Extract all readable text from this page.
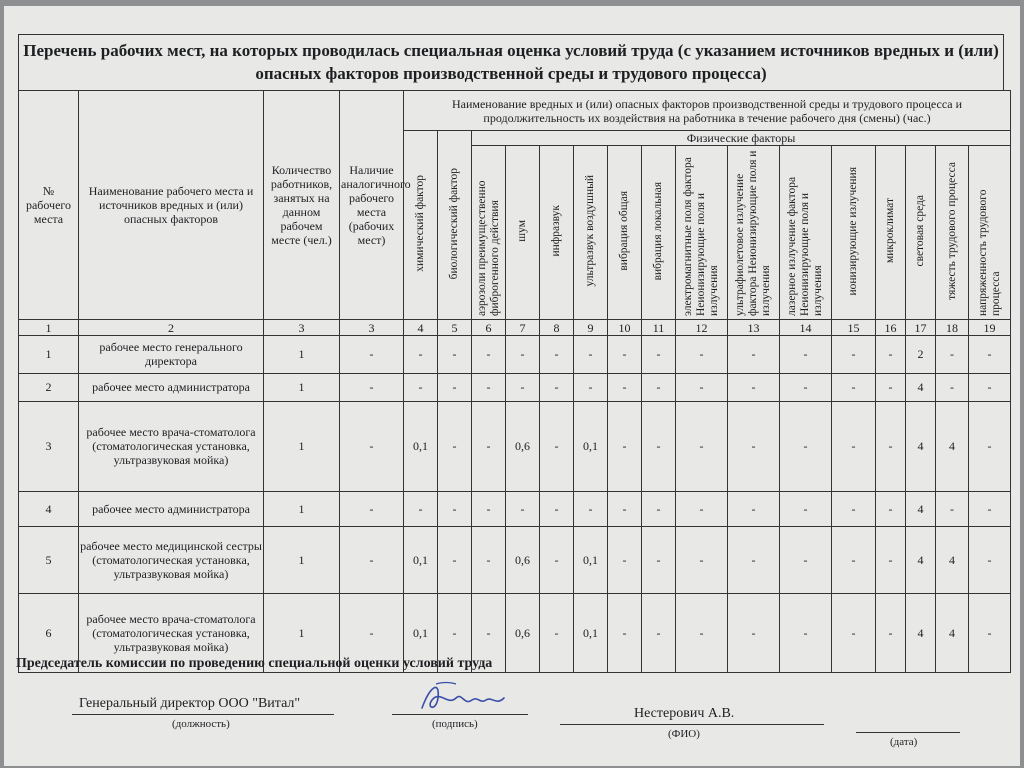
Перечень рабочих мест, на которых проводилась специальная оценка условий труда (с указанием источников вредных и (или) опасных факторов производственной среды и трудового процесса)
№ рабочего места	Наименование рабочего места и источников вредных и (или) опасных факторов	Количество работников, занятых на данном рабочем месте (чел.)	Наличие аналогичного рабочего места (рабочих мест)	Наименование вредных и (или) опасных факторов производственной среды и трудового процесса и продолжительность их воздействия на работника в течение рабочего дня (смены) (час.)															
				химический фактор	биологический фактор	Физические факторы													
						аэрозоли преимущественно фиброгенного действия	шум	инфразвук	ультразвук воздушный	вибрация общая	вибрация локальная	электромагнитные поля фактора Неионизирующие поля и излучения	ультрафиолетовое излучение фактора Неионизирующие поля и излучения	лазерное излучение фактора Неионизирующие поля и излучения	ионизирующие излучения	микроклимат	световая среда	тяжесть трудового процесса	напряженность трудового процесса
1	2	3	3	4	5	6	7	8	9	10	11	12	13	14	15	16	17	18	19
1	рабочее место генерального директора	1	-	-	-	-	-	-	-	-	-	-	-	-	-	-	2	-	-
2	рабочее место администратора	1	-	-	-	-	-	-	-	-	-	-	-	-	-	-	4	-	-
3	рабочее место врача-стоматолога (стоматологическая установка, ультразвуковая мойка)	1	-	0,1	-	-	0,6	-	0,1	-	-	-	-	-	-	-	4	4	-
4	рабочее место администратора	1	-	-	-	-	-	-	-	-	-	-	-	-	-	-	4	-	-
5	рабочее место медицинской сестры (стоматологическая установка, ультразвуковая мойка)	1	-	0,1	-	-	0,6	-	0,1	-	-	-	-	-	-	-	4	4	-
6	рабочее место врача-стоматолога (стоматологическая установка, ультразвуковая мойка)	1	-	0,1	-	-	0,6	-	0,1	-	-	-	-	-	-	-	4	4	-
Председатель комиссии по проведению специальной оценки условий труда
Генеральный директор ООО "Витал"
(должность)	(подпись)
Нестерович А.В.
(ФИО)
(дата)
